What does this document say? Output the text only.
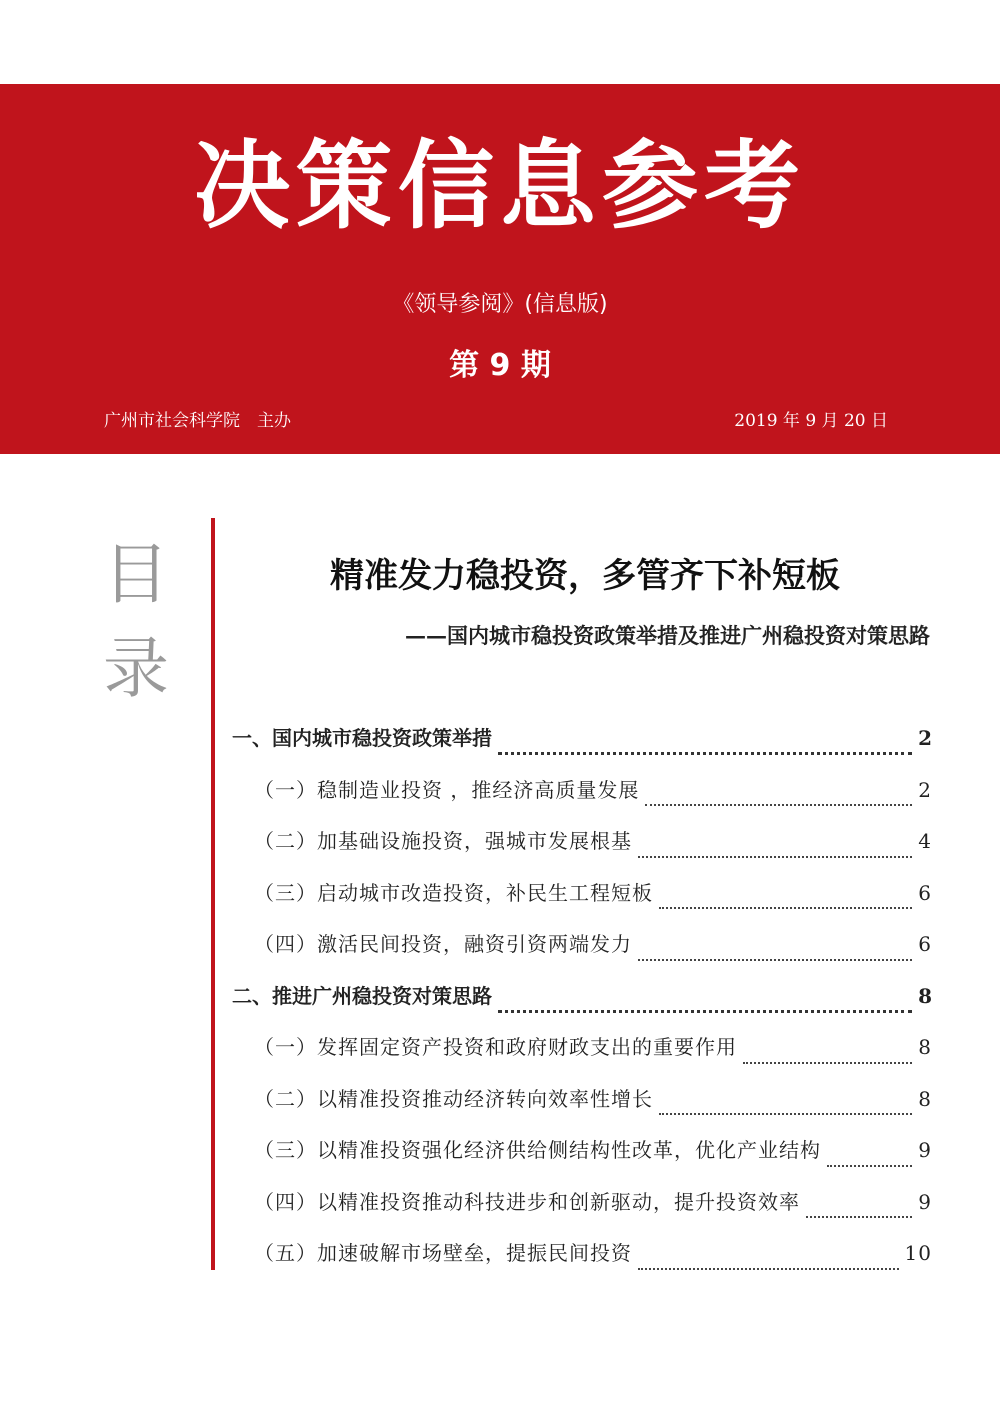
决策信息参考
《领导参阅》(信息版)
第 9 期
广州市社会科学院　主办	2019 年 9 月 20 日
目录
精准发力稳投资，多管齐下补短板
——国内城市稳投资政策举措及推进广州稳投资对策思路
一、国内城市稳投资政策举措	2
（一）稳制造业投资 ，推经济高质量发展	2
（二）加基础设施投资，强城市发展根基	4
（三）启动城市改造投资，补民生工程短板	6
（四）激活民间投资，融资引资两端发力	6
二、推进广州稳投资对策思路	8
（一）发挥固定资产投资和政府财政支出的重要作用	8
（二）以精准投资推动经济转向效率性增长	8
（三）以精准投资强化经济供给侧结构性改革，优化产业结构	9
（四）以精准投资推动科技进步和创新驱动，提升投资效率	9
（五）加速破解市场壁垒，提振民间投资	10
